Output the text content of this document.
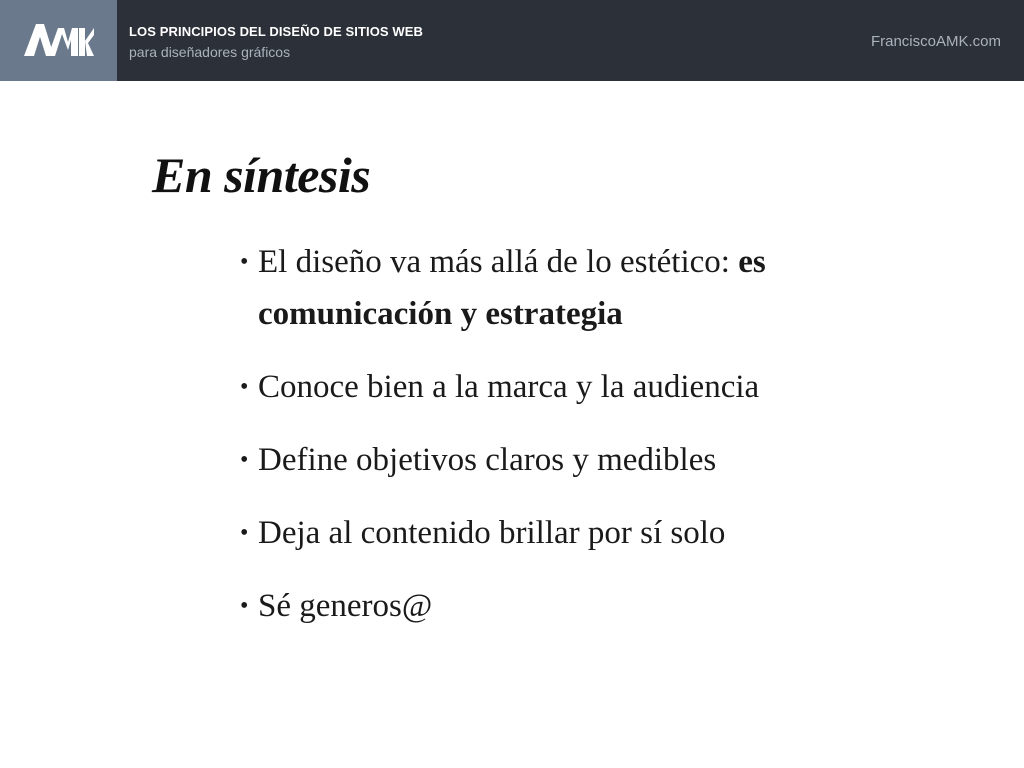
LOS PRINCIPIOS DEL DISEÑO DE SITIOS WEB
para diseñadores gráficos
FranciscoAMK.com
En síntesis
• El diseño va más allá de lo estético: es comunicación y estrategia
• Conoce bien a la marca y la audiencia
• Define objetivos claros y medibles
• Deja al contenido brillar por sí solo
• Sé generos@
